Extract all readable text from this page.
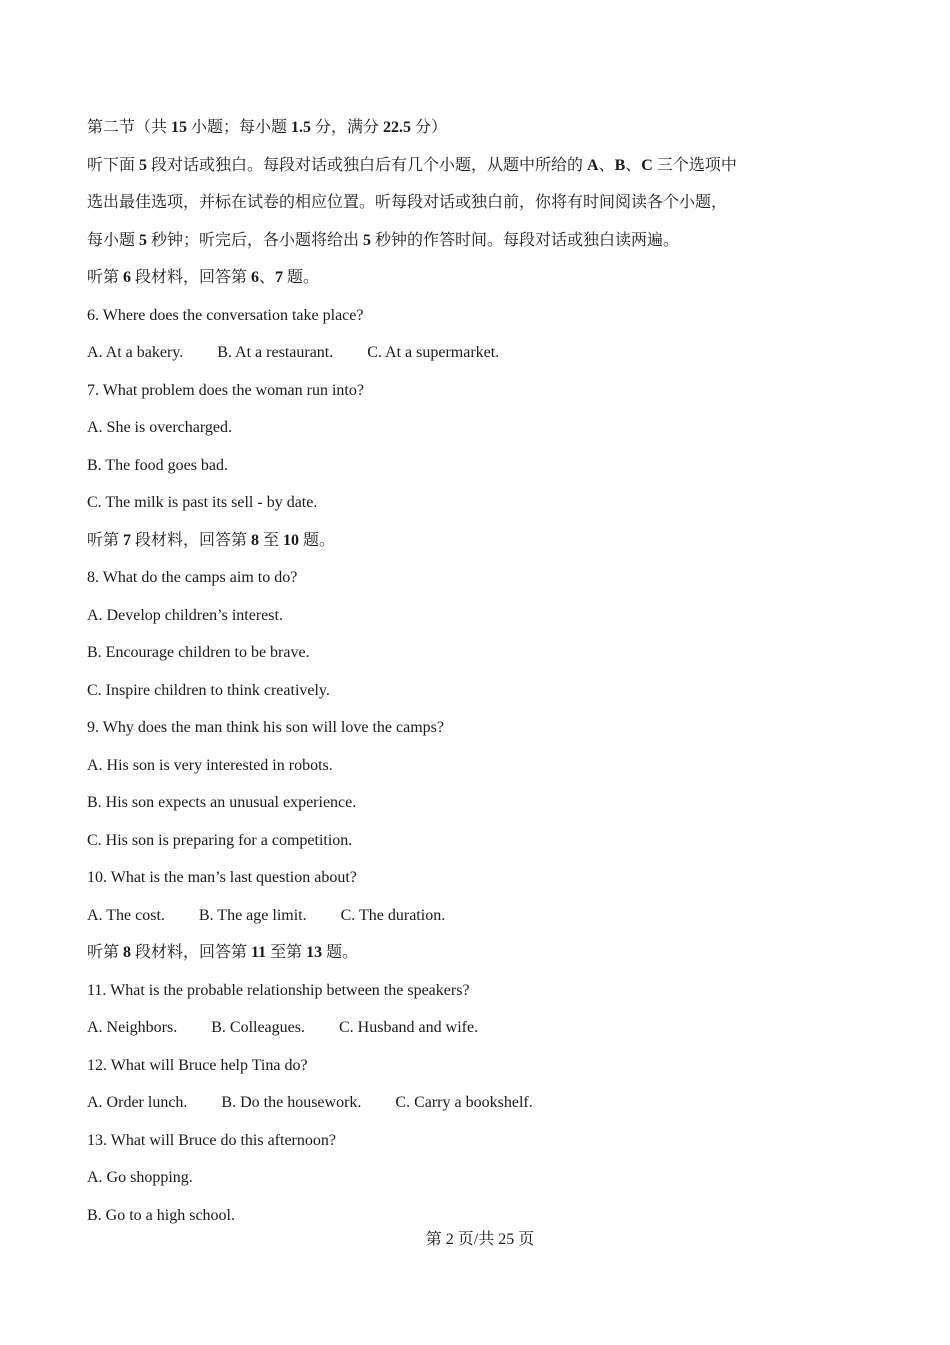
第二节（共 15 小题；每小题 1.5 分，满分 22.5 分）
听下面 5 段对话或独白。每段对话或独白后有几个小题，从题中所给的 A、B、C 三个选项中
选出最佳选项，并标在试卷的相应位置。听每段对话或独白前，你将有时间阅读各个小题，
每小题 5 秒钟；听完后，各小题将给出 5 秒钟的作答时间。每段对话或独白读两遍。
听第 6 段材料，回答第 6、7 题。
6. Where does the conversation take place?
A. At a bakery. B. At a restaurant. C. At a supermarket.
7. What problem does the woman run into?
A. She is overcharged.
B. The food goes bad.
C. The milk is past its sell - by date.
听第 7 段材料，回答第 8 至 10 题。
8. What do the camps aim to do?
A. Develop children’s interest.
B. Encourage children to be brave.
C. Inspire children to think creatively.
9. Why does the man think his son will love the camps?
A. His son is very interested in robots.
B. His son expects an unusual experience.
C. His son is preparing for a competition.
10. What is the man’s last question about?
A. The cost. B. The age limit. C. The duration.
听第 8 段材料，回答第 11 至第 13 题。
11. What is the probable relationship between the speakers?
A. Neighbors. B. Colleagues. C. Husband and wife.
12. What will Bruce help Tina do?
A. Order lunch. B. Do the housework. C. Carry a bookshelf.
13. What will Bruce do this afternoon?
A. Go shopping.
B. Go to a high school.
第 2 页/共 25 页
